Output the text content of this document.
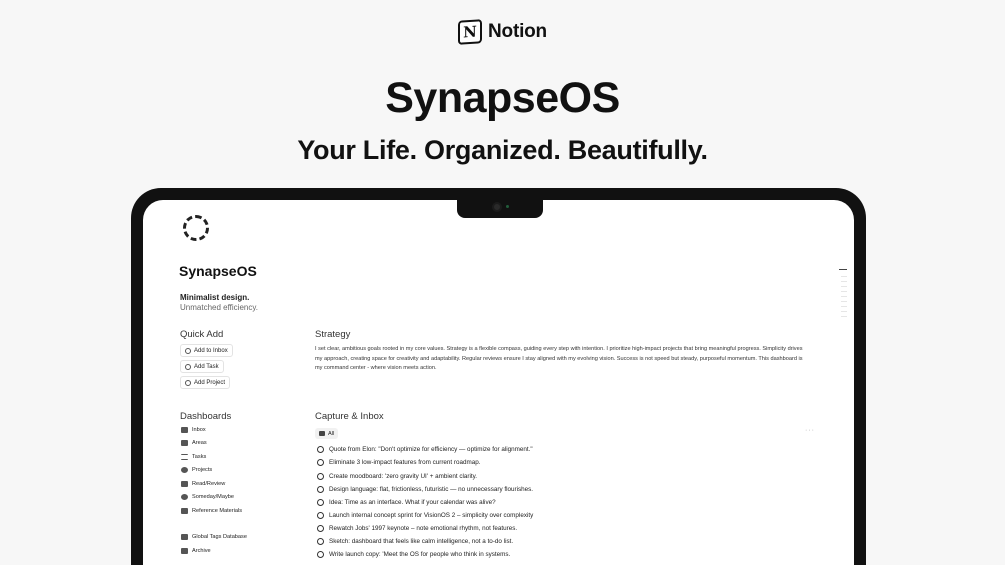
N Notion
SynapseOS
Your Life. Organized. Beautifully.
SynapseOS
Minimalist design.
Unmatched efficiency.
Quick Add
Add to Inbox
Add Task
Add Project
Strategy
I set clear, ambitious goals rooted in my core values. Strategy is a flexible compass, guiding every step with intention. I prioritize high-impact projects that bring meaningful progress. Simplicity drives my approach, creating space for creativity and adaptability. Regular reviews ensure I stay aligned with my evolving vision. Success is not speed but steady, purposeful momentum. This dashboard is my command center - where vision meets action.
Dashboards
Inbox
Areas
Tasks
Projects
Read/Review
Someday/Maybe
Reference Materials
Global Tags Database
Archive
Capture & Inbox
All	···
Quote from Elon: "Don't optimize for efficiency — optimize for alignment."
Eliminate 3 low-impact features from current roadmap.
Create moodboard: 'zero gravity UI' + ambient clarity.
Design language: flat, frictionless, futuristic — no unnecessary flourishes.
Idea: Time as an interface. What if your calendar was alive?
Launch internal concept sprint for VisionOS 2 – simplicity over complexity
Rewatch Jobs' 1997 keynote – note emotional rhythm, not features.
Sketch: dashboard that feels like calm intelligence, not a to-do list.
Write launch copy: 'Meet the OS for people who think in systems.
